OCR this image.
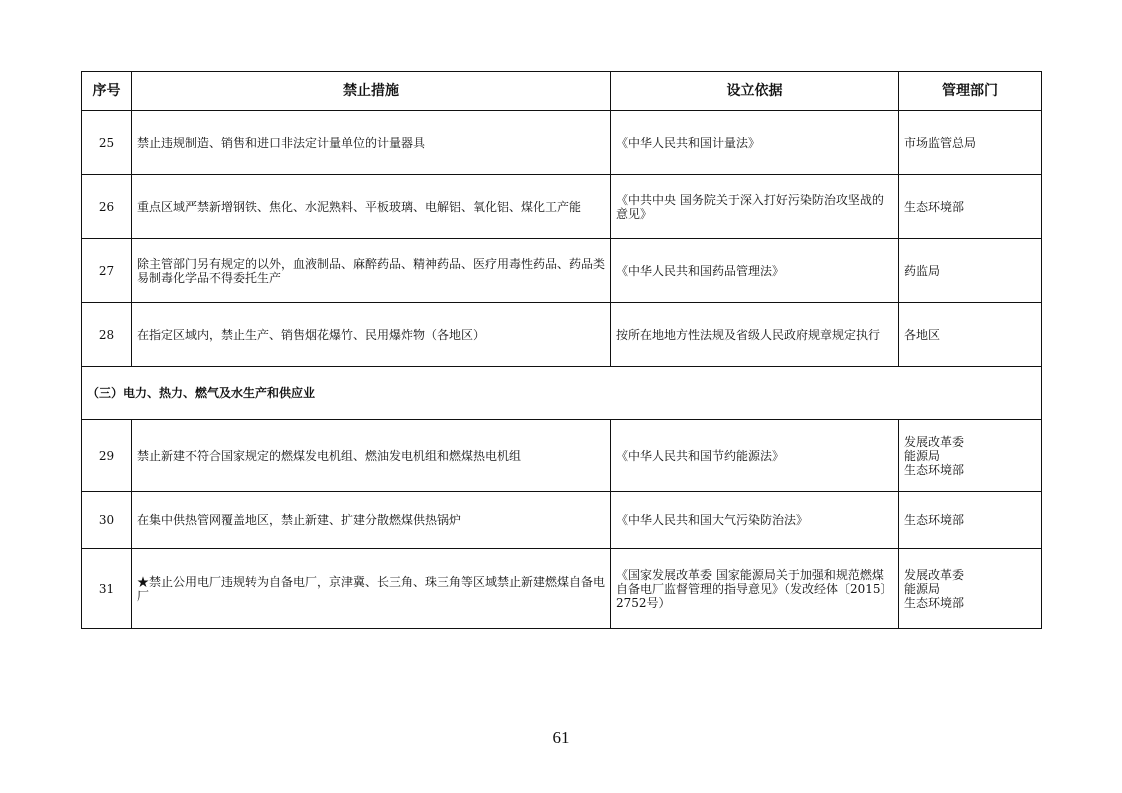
序号	禁止措施	设立依据	管理部门
25	禁止违规制造、销售和进口非法定计量单位的计量器具	《中华人民共和国计量法》	市场监管总局

26	重点区域严禁新增钢铁、焦化、水泥熟料、平板玻璃、电解铝、氧化铝、煤化工产能	《中共中央 国务院关于深入打好污染防治攻坚战的意见》	生态环境部

27	除主管部门另有规定的以外，血液制品、麻醉药品、精神药品、医疗用毒性药品、药品类易制毒化学品不得委托生产	《中华人民共和国药品管理法》	药监局

28	在指定区域内，禁止生产、销售烟花爆竹、民用爆炸物（各地区）	按所在地地方性法规及省级人民政府规章规定执行	各地区

（三）电力、热力、燃气及水生产和供应业			
29	禁止新建不符合国家规定的燃煤发电机组、燃油发电机组和燃煤热电机组	《中华人民共和国节约能源法》	发展改革委
能源局
生态环境部

30	在集中供热管网覆盖地区，禁止新建、扩建分散燃煤供热锅炉	《中华人民共和国大气污染防治法》	生态环境部

31	★禁止公用电厂违规转为自备电厂，京津冀、长三角、珠三角等区域禁止新建燃煤自备电厂	《国家发展改革委 国家能源局关于加强和规范燃煤自备电厂监督管理的指导意见》（发改经体〔2015〕2752号）	发展改革委
能源局
生态环境部
61
